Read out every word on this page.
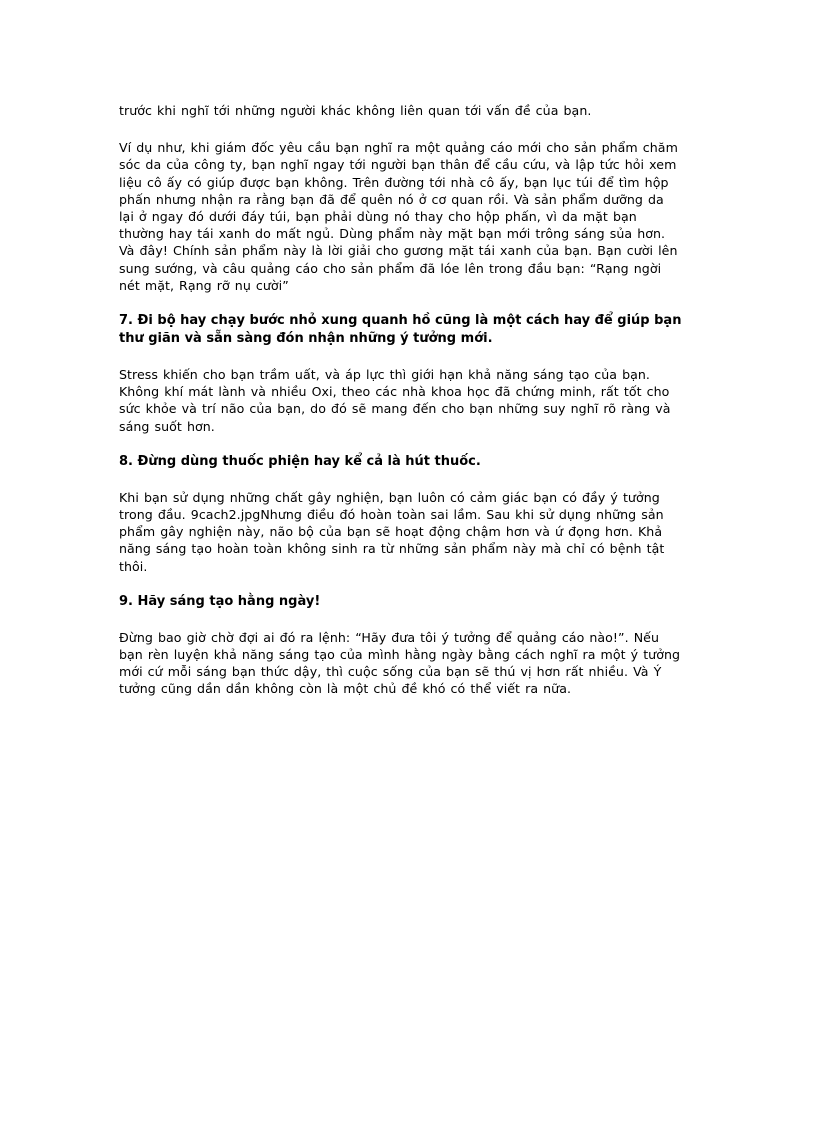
trước khi nghĩ tới những người khác không liên quan tới vấn đề của bạn.

Ví dụ như, khi giám đốc yêu cầu bạn nghĩ ra một quảng cáo mới cho sản phẩm chăm
sóc da của công ty, bạn nghĩ ngay tới người bạn thân để cầu cứu, và lập tức hỏi xem
liệu cô ấy có giúp được bạn không. Trên đường tới nhà cô ấy, bạn lục túi để tìm hộp
phấn nhưng nhận ra rằng bạn đã để quên nó ở cơ quan rồi. Và sản phẩm dưỡng da
lại ở ngay đó dưới đáy túi, bạn phải dùng nó thay cho hộp phấn, vì da mặt bạn
thường hay tái xanh do mất ngủ. Dùng phẩm này mặt bạn mới trông sáng sủa hơn.
Và đây! Chính sản phẩm này là lời giải cho gương mặt tái xanh của bạn. Bạn cười lên
sung sướng, và câu quảng cáo cho sản phẩm đã lóe lên trong đầu bạn: “Rạng ngời
nét mặt, Rạng rỡ nụ cười”

7. Đi bộ hay chạy bước nhỏ xung quanh hồ cũng là một cách hay để giúp bạn
thư giãn và sẵn sàng đón nhận những ý tưởng mới.

Stress khiến cho bạn trầm uất, và áp lực thì giới hạn khả năng sáng tạo của bạn.
Không khí mát lành và nhiều Oxi, theo các nhà khoa học đã chứng minh, rất tốt cho
sức khỏe và trí não của bạn, do đó sẽ mang đến cho bạn những suy nghĩ rõ ràng và
sáng suốt hơn.

8. Đừng dùng thuốc phiện hay kể cả là hút thuốc.

Khi bạn sử dụng những chất gây nghiện, bạn luôn có cảm giác bạn có đầy ý tưởng
trong đầu. 9cach2.jpgNhưng điều đó hoàn toàn sai lầm. Sau khi sử dụng những sản
phẩm gây nghiện này, não bộ của bạn sẽ hoạt động chậm hơn và ứ đọng hơn. Khả
năng sáng tạo hoàn toàn không sinh ra từ những sản phẩm này mà chỉ có bệnh tật
thôi.

9. Hãy sáng tạo hằng ngày!

Đừng bao giờ chờ đợi ai đó ra lệnh: “Hãy đưa tôi ý tưởng để quảng cáo nào!”. Nếu
bạn rèn luyện khả năng sáng tạo của mình hằng ngày bằng cách nghĩ ra một ý tưởng
mới cứ mỗi sáng bạn thức dậy, thì cuộc sống của bạn sẽ thú vị hơn rất nhiều. Và Ý
tưởng cũng dần dần không còn là một chủ đề khó có thể viết ra nữa.
